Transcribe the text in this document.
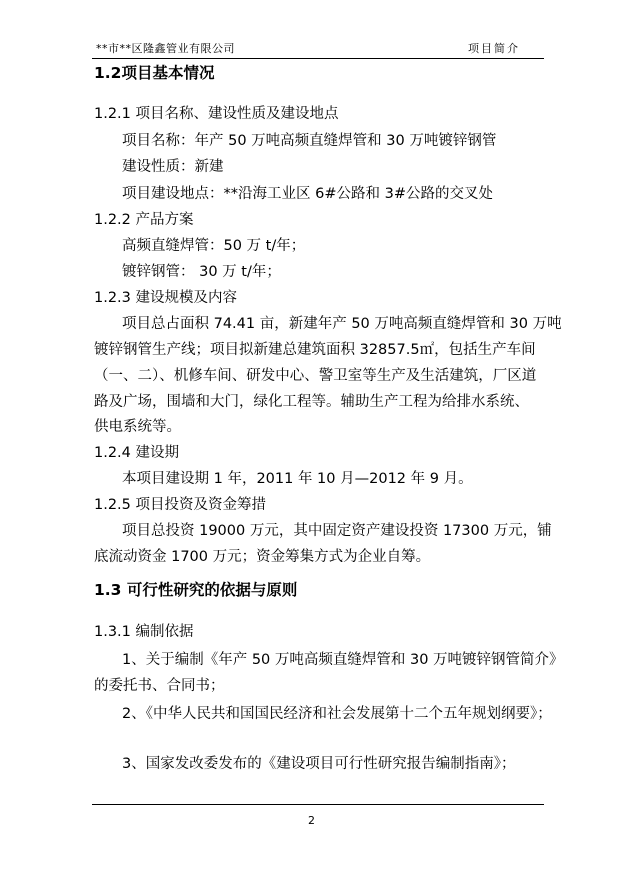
**市**区隆鑫管业有限公司	项目简介
1.2项目基本情况
1.2.1 项目名称、建设性质及建设地点
项目名称：年产 50 万吨高频直缝焊管和 30 万吨镀锌钢管
建设性质：新建
项目建设地点：**沿海工业区 6#公路和 3#公路的交叉处
1.2.2 产品方案
高频直缝焊管：50 万 t/年；
镀锌钢管： 30 万 t/年；
1.2.3 建设规模及内容
项目总占面积 74.41 亩，新建年产 50 万吨高频直缝焊管和 30 万吨
镀锌钢管生产线；项目拟新建总建筑面积 32857.5㎡，包括生产车间
（一、二）、机修车间、研发中心、警卫室等生产及生活建筑，厂区道
路及广场，围墙和大门，绿化工程等。辅助生产工程为给排水系统、
供电系统等。
1.2.4 建设期
本项目建设期 1 年，2011 年 10 月—2012 年 9 月。
1.2.5 项目投资及资金筹措
项目总投资 19000 万元，其中固定资产建设投资 17300 万元，铺
底流动资金 1700 万元；资金筹集方式为企业自筹。
1.3 可行性研究的依据与原则
1.3.1 编制依据
1、关于编制《年产 50 万吨高频直缝焊管和 30 万吨镀锌钢管简介》
的委托书、合同书；
2、《中华人民共和国国民经济和社会发展第十二个五年规划纲要》；
3、国家发改委发布的《建设项目可行性研究报告编制指南》；
2
